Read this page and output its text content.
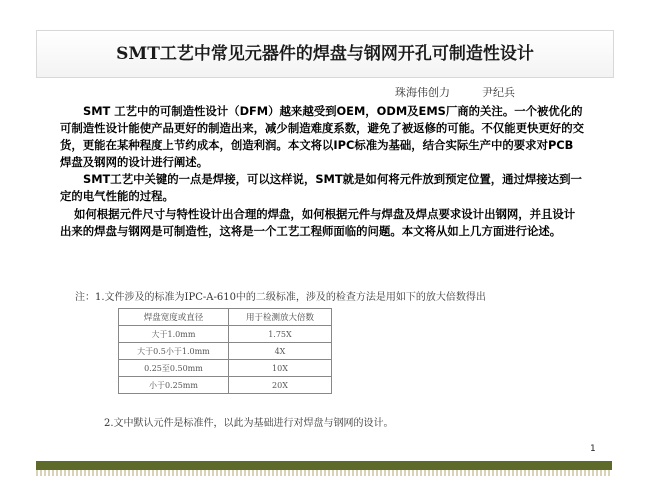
SMT工艺中常见元器件的焊盘与钢网开孔可制造性设计
珠海伟创力	尹纪兵

SMT 工艺中的可制造性设计（DFM）越来越受到OEM，ODM及EMS厂商的关注。一个被优化的可制造性设计能使产品更好的制造出来，减少制造难度系数，避免了被返修的可能。不仅能更快更好的交货，更能在某种程度上节约成本，创造利润。本文将以IPC标准为基础，结合实际生产中的要求对PCB 焊盘及钢网的设计进行阐述。

SMT工艺中关键的一点是焊接，可以这样说，SMT就是如何将元件放到预定位置，通过焊接达到一定的电气性能的过程。

如何根据元件尺寸与特性设计出合理的焊盘，如何根据元件与焊盘及焊点要求设计出钢网，并且设计出来的焊盘与钢网是可制造性，这将是一个工艺工程师面临的问题。本文将从如上几方面进行论述。

注：1.文件涉及的标准为IPC-A-610中的二级标准，涉及的检查方法是用如下的放大倍数得出
焊盘宽度或直径	用于检测放大倍数
大于1.0mm	1.75X
大于0.5小于1.0mm	4X
0.25至0.50mm	10X
小于0.25mm	20X
2.文中默认元件是标准件，以此为基础进行对焊盘与钢网的设计。
1
